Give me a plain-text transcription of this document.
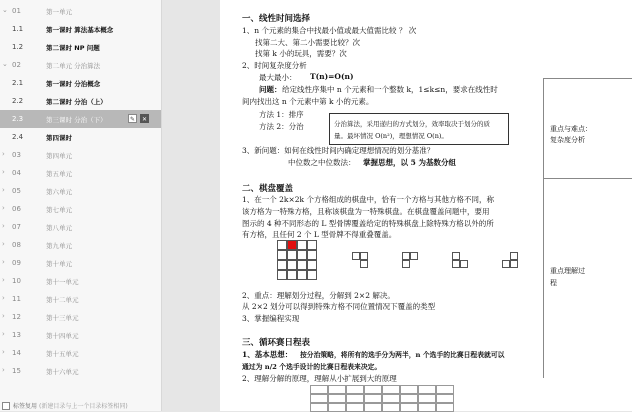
⌄ 01	第一单元
1.1	第一课时 算法基本概念
1.2	第二课时 NP 问题
⌄ 02	第二单元 分治算法
2.1	第一课时 分治概念
2.2	第二课时 分治（上）
2.3	第三课时 分治（下）	✎	✕
2.4	第四课时
›	03	第四单元
›	04	第五单元
›	05	第六单元
›	06	第七单元
›	07	第八单元
›	08	第九单元
›	09	第十单元
›	10	第十一单元
›	11	第十二单元
›	12	第十三单元
›	13	第十四单元
›	14	第十五单元
›	15	第十六单元
标签复用 (新建目录与上一个目录标签相同)
一、线性时间选择
1、n 个元素的集合中找最小值或最大值需比较 ？ 次
找第二大、第二小需要比较？次
找第 k 小的玩具，需要？次
2、时间复杂度分析
最大最小： T(n)=O(n)
问题： 给定线性序集中 n 个元素和一个整数 k，1≤k≤n，要求在线性时
间内找出这 n 个元素中第 k 小的元素。
方法 1：排序
方法 2：分治	分治算法，采用递归的方式划分，效率取决于划分的质
量。最坏情况 O(n²)，理想情况 O(n)。
3、新问题：如何在线性时间内确定理想情况的划分基准？
中位数之中位数法： 掌握思想，以 5 为基数分组
重点与难点：
复杂度分析
二、棋盘覆盖
1、在一个 2k×2k 个方格组成的棋盘中，恰有一个方格与其他方格不同，称
该方格为一特殊方格，且称该棋盘为一特殊棋盘。在棋盘覆盖问题中，要用
图示的 4 种不同形态的 L 型骨牌覆盖给定的特殊棋盘上除特殊方格以外的所
有方格，且任何 2 个 L 型骨牌不得重叠覆盖。
2、重点：理解划分过程，分解到 2×2 解决。
从 2×2 划分可以得到特殊方格不同位置情况下覆盖的类型
3、掌握编程实现
重点理解过
程
三、循环赛日程表
1、基本思想： 按分治策略，将所有的选手分为两半，n 个选手的比赛日程表就可以
通过为 n/2 个选手设计的比赛日程表来决定。
2、理解分解的原理，理解从小扩展到大的原理
